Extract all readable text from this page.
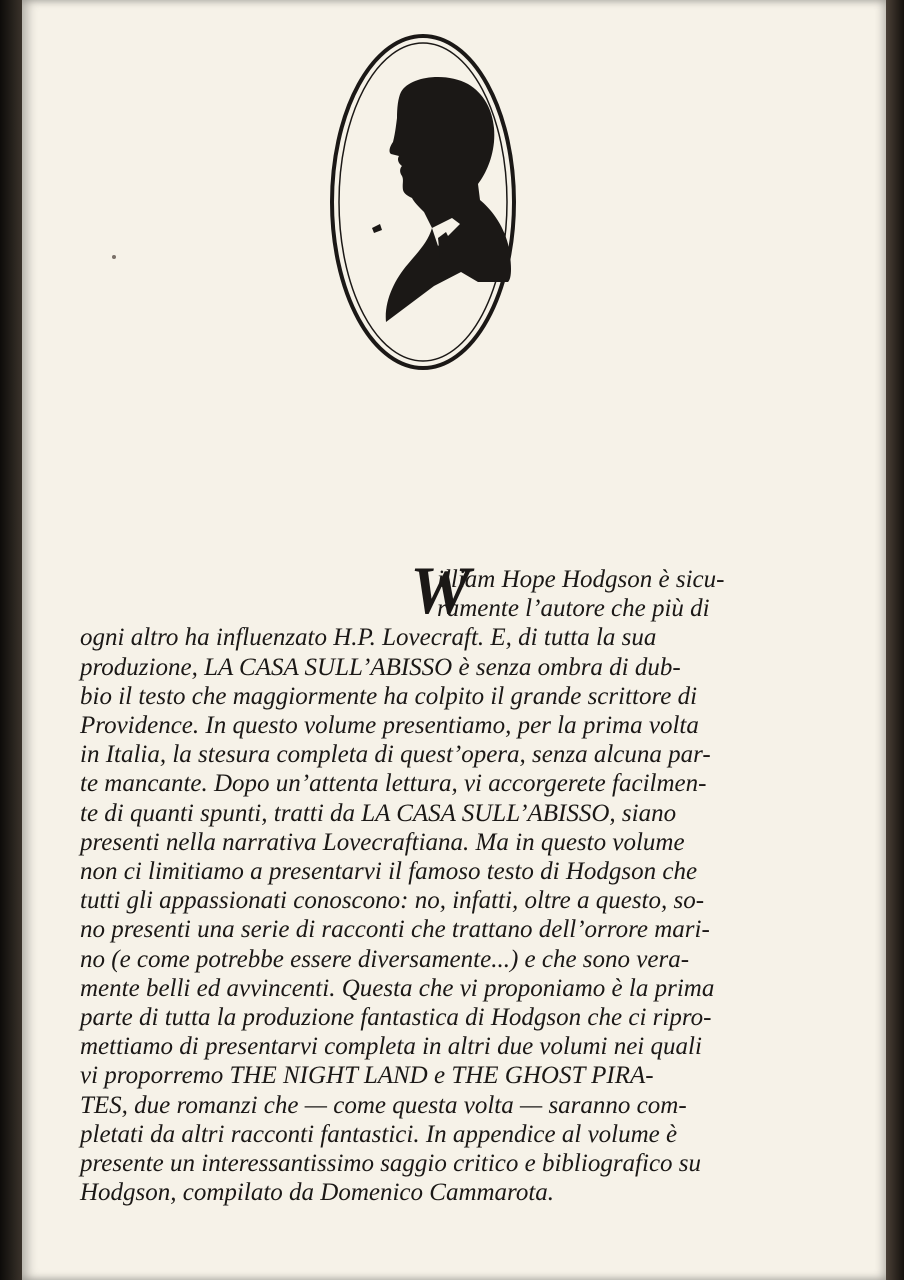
W

illiam Hope Hodgson è sicu-
ramente l’autore che più di
ogni altro ha influenzato H.P. Lovecraft. E, di tutta la sua
produzione, LA CASA SULL’ABISSO è senza ombra di dub-
bio il testo che maggiormente ha colpito il grande scrittore di
Providence. In questo volume presentiamo, per la prima volta
in Italia, la stesura completa di quest’opera, senza alcuna par-
te mancante. Dopo un’attenta lettura, vi accorgerete facilmen-
te di quanti spunti, tratti da LA CASA SULL’ABISSO, siano
presenti nella narrativa Lovecraftiana. Ma in questo volume
non ci limitiamo a presentarvi il famoso testo di Hodgson che
tutti gli appassionati conoscono: no, infatti, oltre a questo, so-
no presenti una serie di racconti che trattano dell’orrore mari-
no (e come potrebbe essere diversamente...) e che sono vera-
mente belli ed avvincenti. Questa che vi proponiamo è la prima
parte di tutta la produzione fantastica di Hodgson che ci ripro-
mettiamo di presentarvi completa in altri due volumi nei quali
vi proporremo THE NIGHT LAND e THE GHOST PIRA-
TES, due romanzi che — come questa volta — saranno com-
pletati da altri racconti fantastici. In appendice al volume è
presente un interessantissimo saggio critico e bibliografico su
Hodgson, compilato da Domenico Cammarota.
